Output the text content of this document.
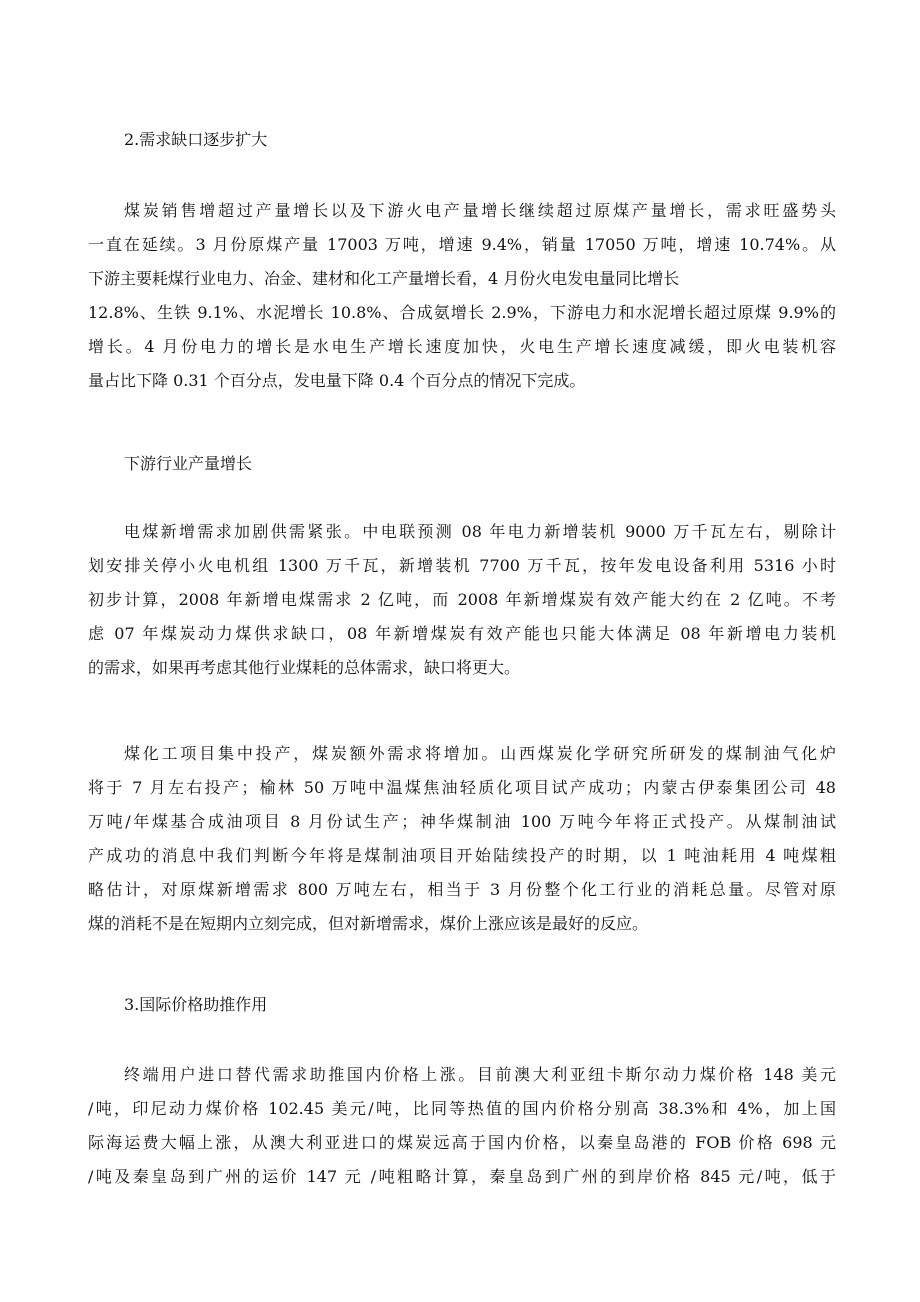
2.需求缺口逐步扩大

煤炭销售增超过产量增长以及下游火电产量增长继续超过原煤产量增长，需求旺盛势头
一直在延续。3 月份原煤产量 17003 万吨，增速 9.4%，销量 17050 万吨，增速 10.74%。从
下游主要耗煤行业电力、冶金、建材和化工产量增长看，4 月份火电发电量同比增长
12.8%、生铁 9.1%、水泥增长 10.8%、合成氨增长 2.9%，下游电力和水泥增长超过原煤 9.9%的
增长。4 月份电力的增长是水电生产增长速度加快，火电生产增长速度减缓，即火电装机容
量占比下降 0.31 个百分点，发电量下降 0.4 个百分点的情况下完成。

下游行业产量增长

电煤新增需求加剧供需紧张。中电联预测 08 年电力新增装机 9000 万千瓦左右，剔除计
划安排关停小火电机组 1300 万千瓦，新增装机 7700 万千瓦，按年发电设备利用 5316 小时
初步计算，2008 年新增电煤需求 2 亿吨，而 2008 年新增煤炭有效产能大约在 2 亿吨。不考
虑 07 年煤炭动力煤供求缺口，08 年新增煤炭有效产能也只能大体满足 08 年新增电力装机
的需求，如果再考虑其他行业煤耗的总体需求，缺口将更大。
煤化工项目集中投产，煤炭额外需求将增加。山西煤炭化学研究所研发的煤制油气化炉
将于 7 月左右投产；榆林 50 万吨中温煤焦油轻质化项目试产成功；内蒙古伊泰集团公司 48
万吨/年煤基合成油项目 8 月份试生产；神华煤制油 100 万吨今年将正式投产。从煤制油试
产成功的消息中我们判断今年将是煤制油项目开始陆续投产的时期，以 1 吨油耗用 4 吨煤粗
略估计，对原煤新增需求 800 万吨左右，相当于 3 月份整个化工行业的消耗总量。尽管对原
煤的消耗不是在短期内立刻完成，但对新增需求，煤价上涨应该是最好的反应。

3.国际价格助推作用

终端用户进口替代需求助推国内价格上涨。目前澳大利亚纽卡斯尔动力煤价格 148 美元
/吨，印尼动力煤价格 102.45 美元/吨，比同等热值的国内价格分别高 38.3%和 4%，加上国
际海运费大幅上涨，从澳大利亚进口的煤炭远高于国内价格，以秦皇岛港的 FOB 价格 698 元
/吨及秦皇岛到广州的运价 147 元 /吨粗略计算，秦皇岛到广州的到岸价格 845 元/吨，低于
